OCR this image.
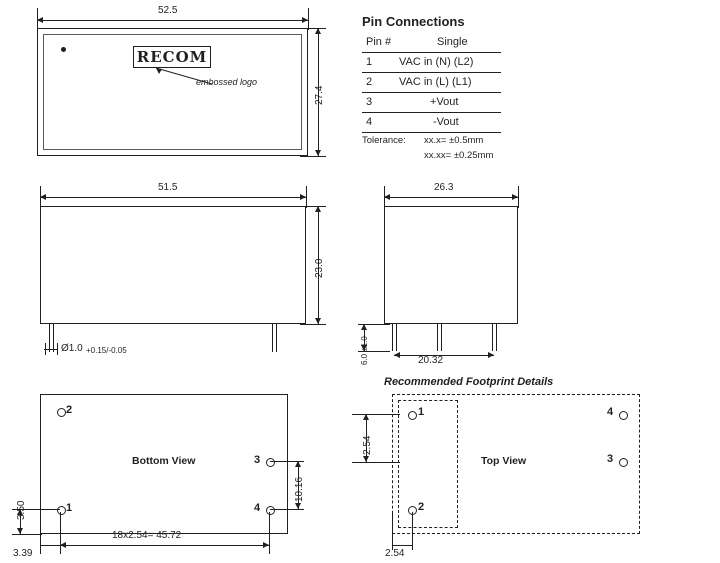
RECOM
embossed logo
52.5
27.4
Pin Connections
Pin #	Single
1 VAC in (N) (L2)
2 VAC in (L) (L1)
3	+Vout
4	-Vout
Tolerance: xx.x= ±0.5mm
xx.xx= ±0.25mm
51.5
23.0
Ø1.0 +0.15/-0.05
26.3
20.32
6.0 ±1.0
2
1
3
4
Bottom View
10.16
3.50
18x2.54= 45.72
3.39
Recommended Footprint Details
1
2
4
3
Top View
2.54
2.54
